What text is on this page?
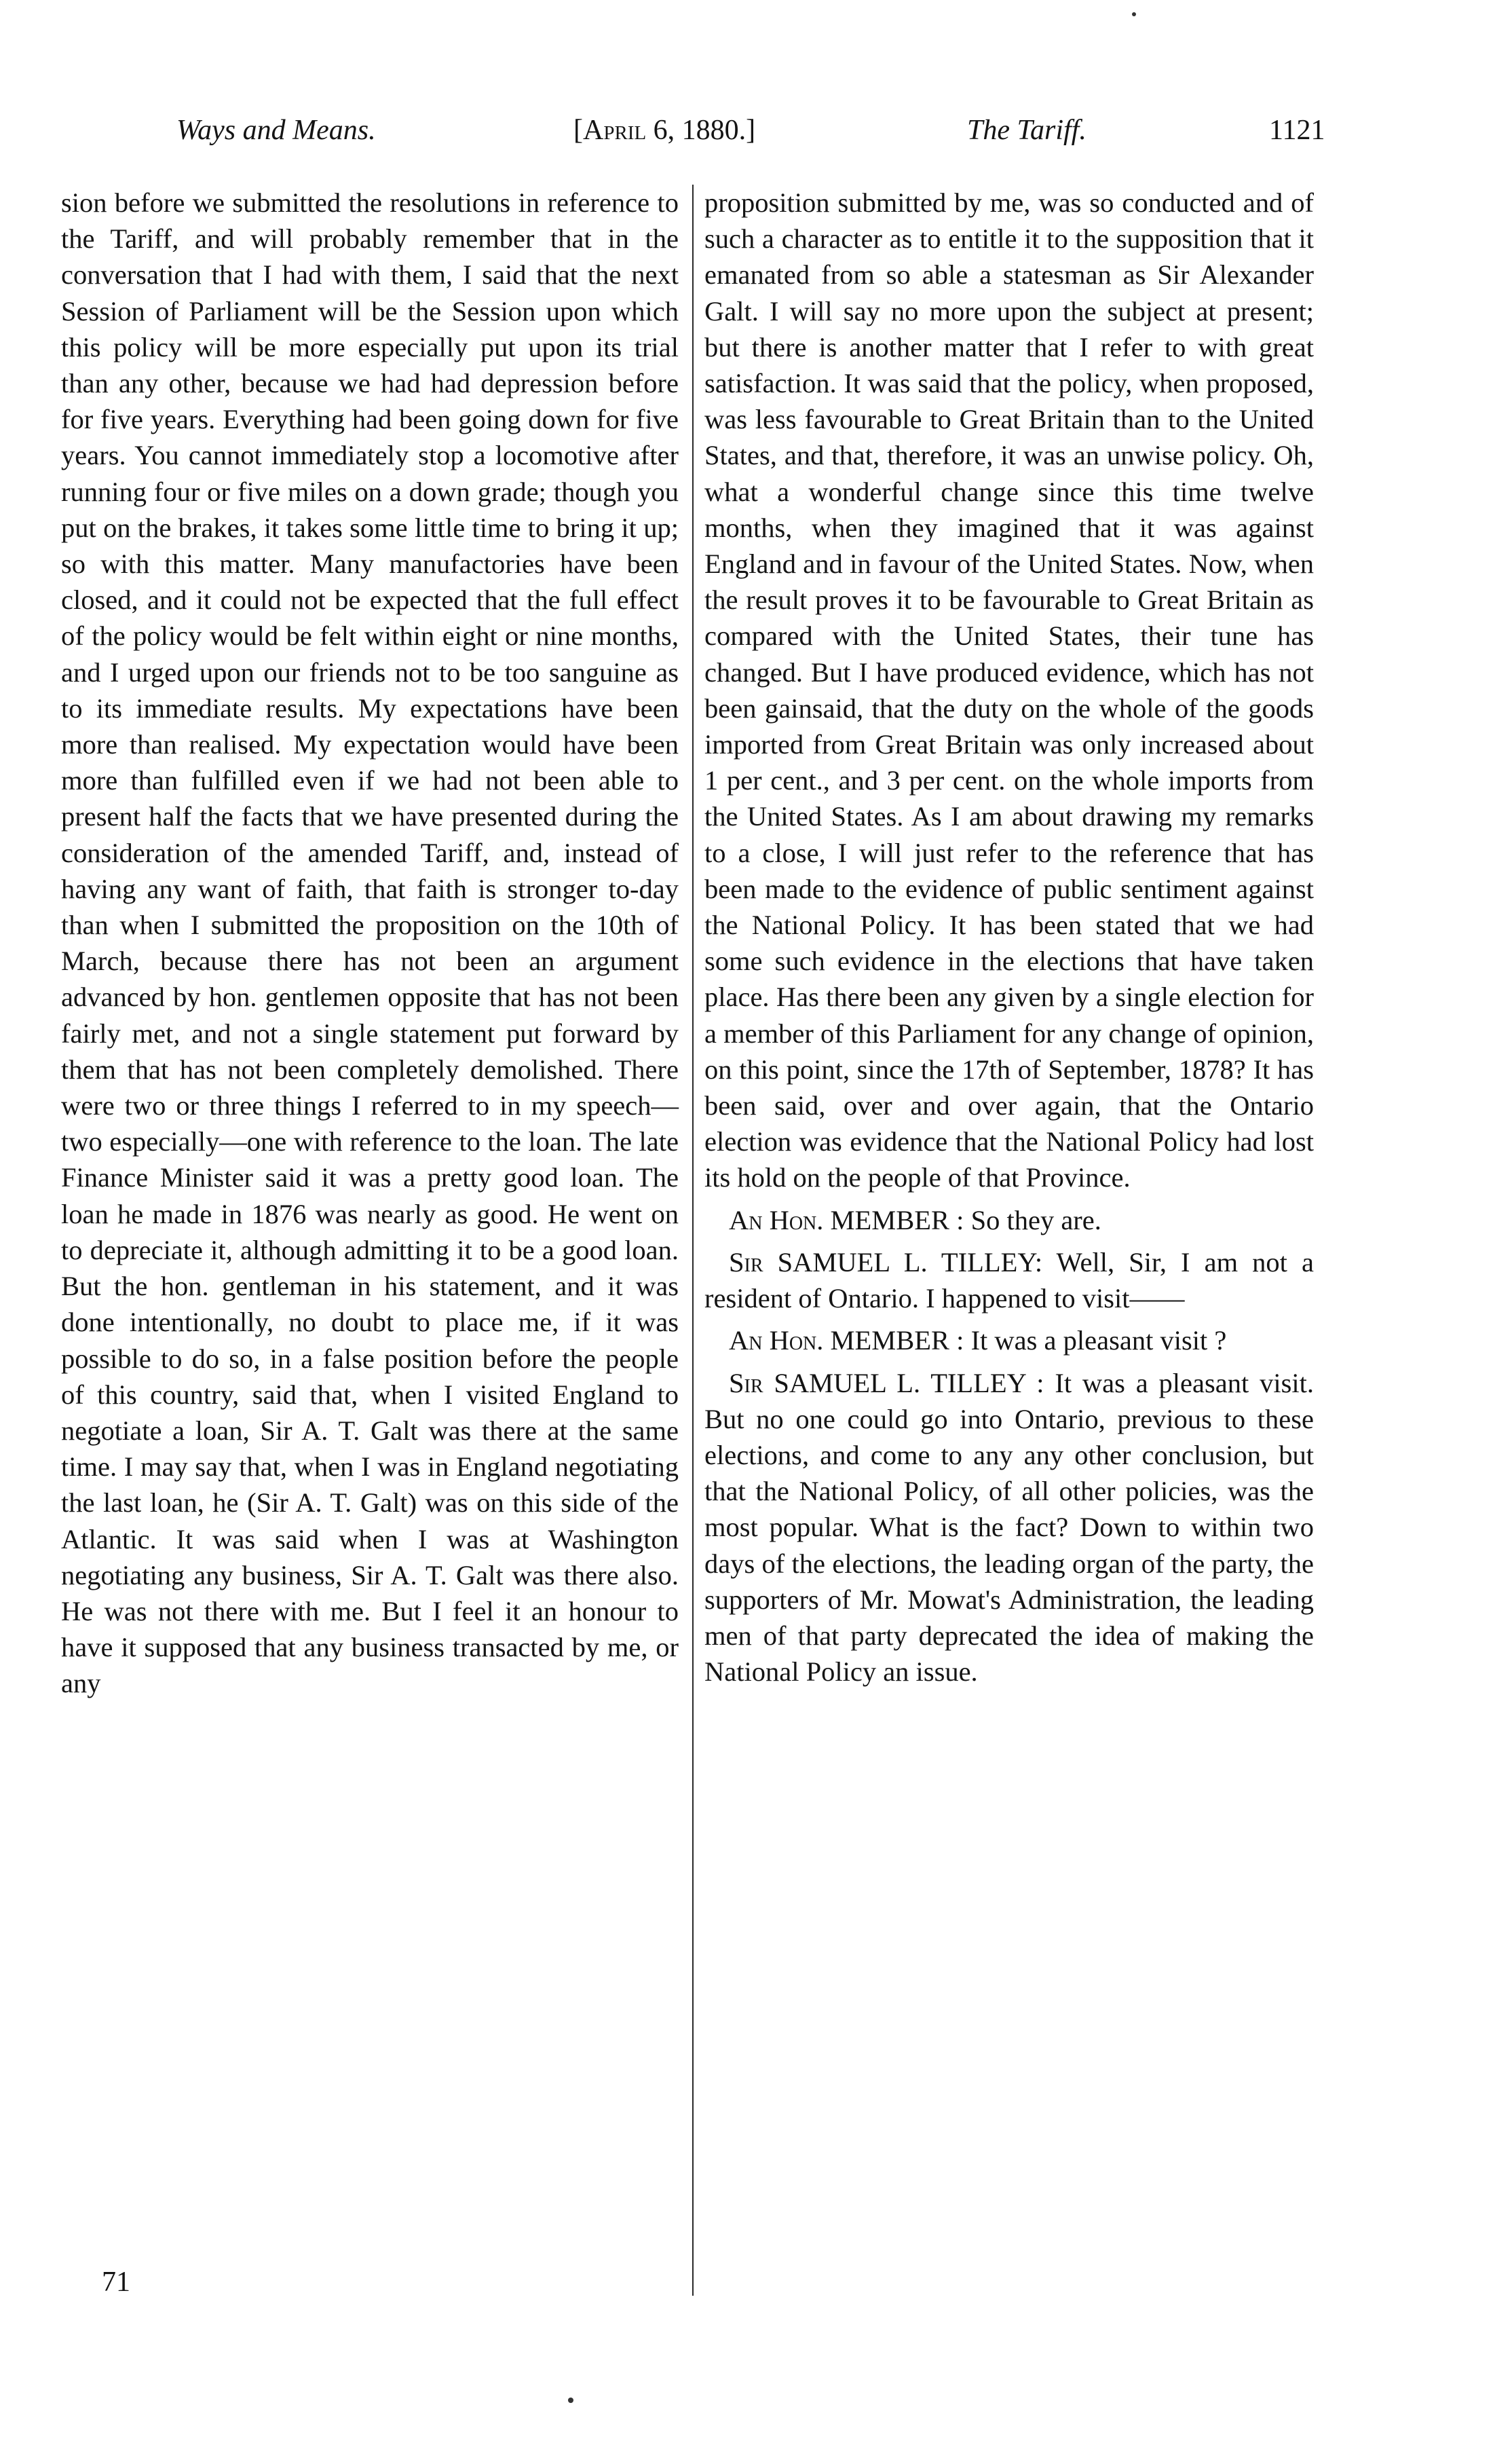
Ways and Means.	[April 6, 1880.]	The Tariff.	1121

sion before we submitted the resolutions in reference to the Tariff, and will probably remember that in the conversation that I had with them, I said that the next Session of Parliament will be the Session upon which this policy will be more especially put upon its trial than any other, because we had had depression before for five years. Everything had been going down for five years. You cannot immediately stop a locomotive after running four or five miles on a down grade; though you put on the brakes, it takes some little time to bring it up; so with this matter. Many manufactories have been closed, and it could not be expected that the full effect of the policy would be felt within eight or nine months, and I urged upon our friends not to be too sanguine as to its immediate results. My expectations have been more than realised. My expectation would have been more than fulfilled even if we had not been able to present half the facts that we have presented during the consideration of the amended Tariff, and, instead of having any want of faith, that faith is stronger to-day than when I submitted the proposition on the 10th of March, because there has not been an argument advanced by hon. gentlemen opposite that has not been fairly met, and not a single statement put forward by them that has not been completely demolished. There were two or three things I referred to in my speech—two especially—one with reference to the loan. The late Finance Minister said it was a pretty good loan. The loan he made in 1876 was nearly as good. He went on to depreciate it, although admitting it to be a good loan. But the hon. gentleman in his statement, and it was done intentionally, no doubt to place me, if it was possible to do so, in a false position before the people of this country, said that, when I visited England to negotiate a loan, Sir A. T. Galt was there at the same time. I may say that, when I was in England negotiating the last loan, he (Sir A. T. Galt) was on this side of the Atlantic. It was said when I was at Washington negotiating any business, Sir A. T. Galt was there also. He was not there with me. But I feel it an honour to have it supposed that any business transacted by me, or any

proposition submitted by me, was so conducted and of such a character as to entitle it to the supposition that it emanated from so able a statesman as Sir Alexander Galt. I will say no more upon the subject at present; but there is another matter that I refer to with great satisfaction. It was said that the policy, when proposed, was less favourable to Great Britain than to the United States, and that, therefore, it was an unwise policy. Oh, what a wonderful change since this time twelve months, when they imagined that it was against England and in favour of the United States. Now, when the result proves it to be favourable to Great Britain as compared with the United States, their tune has changed. But I have produced evidence, which has not been gainsaid, that the duty on the whole of the goods imported from Great Britain was only increased about 1 per cent., and 3 per cent. on the whole imports from the United States. As I am about drawing my remarks to a close, I will just refer to the reference that has been made to the evidence of public sentiment against the National Policy. It has been stated that we had some such evidence in the elections that have taken place. Has there been any given by a single election for a member of this Parliament for any change of opinion, on this point, since the 17th of September, 1878? It has been said, over and over again, that the Ontario election was evidence that the National Policy had lost its hold on the people of that Province.

An Hon. MEMBER : So they are.

Sir SAMUEL L. TILLEY: Well, Sir, I am not a resident of Ontario. I happened to visit——

An Hon. MEMBER : It was a pleasant visit ?

Sir SAMUEL L. TILLEY : It was a pleasant visit. But no one could go into Ontario, previous to these elections, and come to any any other conclusion, but that the National Policy, of all other policies, was the most popular. What is the fact? Down to within two days of the elections, the leading organ of the party, the supporters of Mr. Mowat's Administration, the leading men of that party deprecated the idea of making the National Policy an issue.

71
